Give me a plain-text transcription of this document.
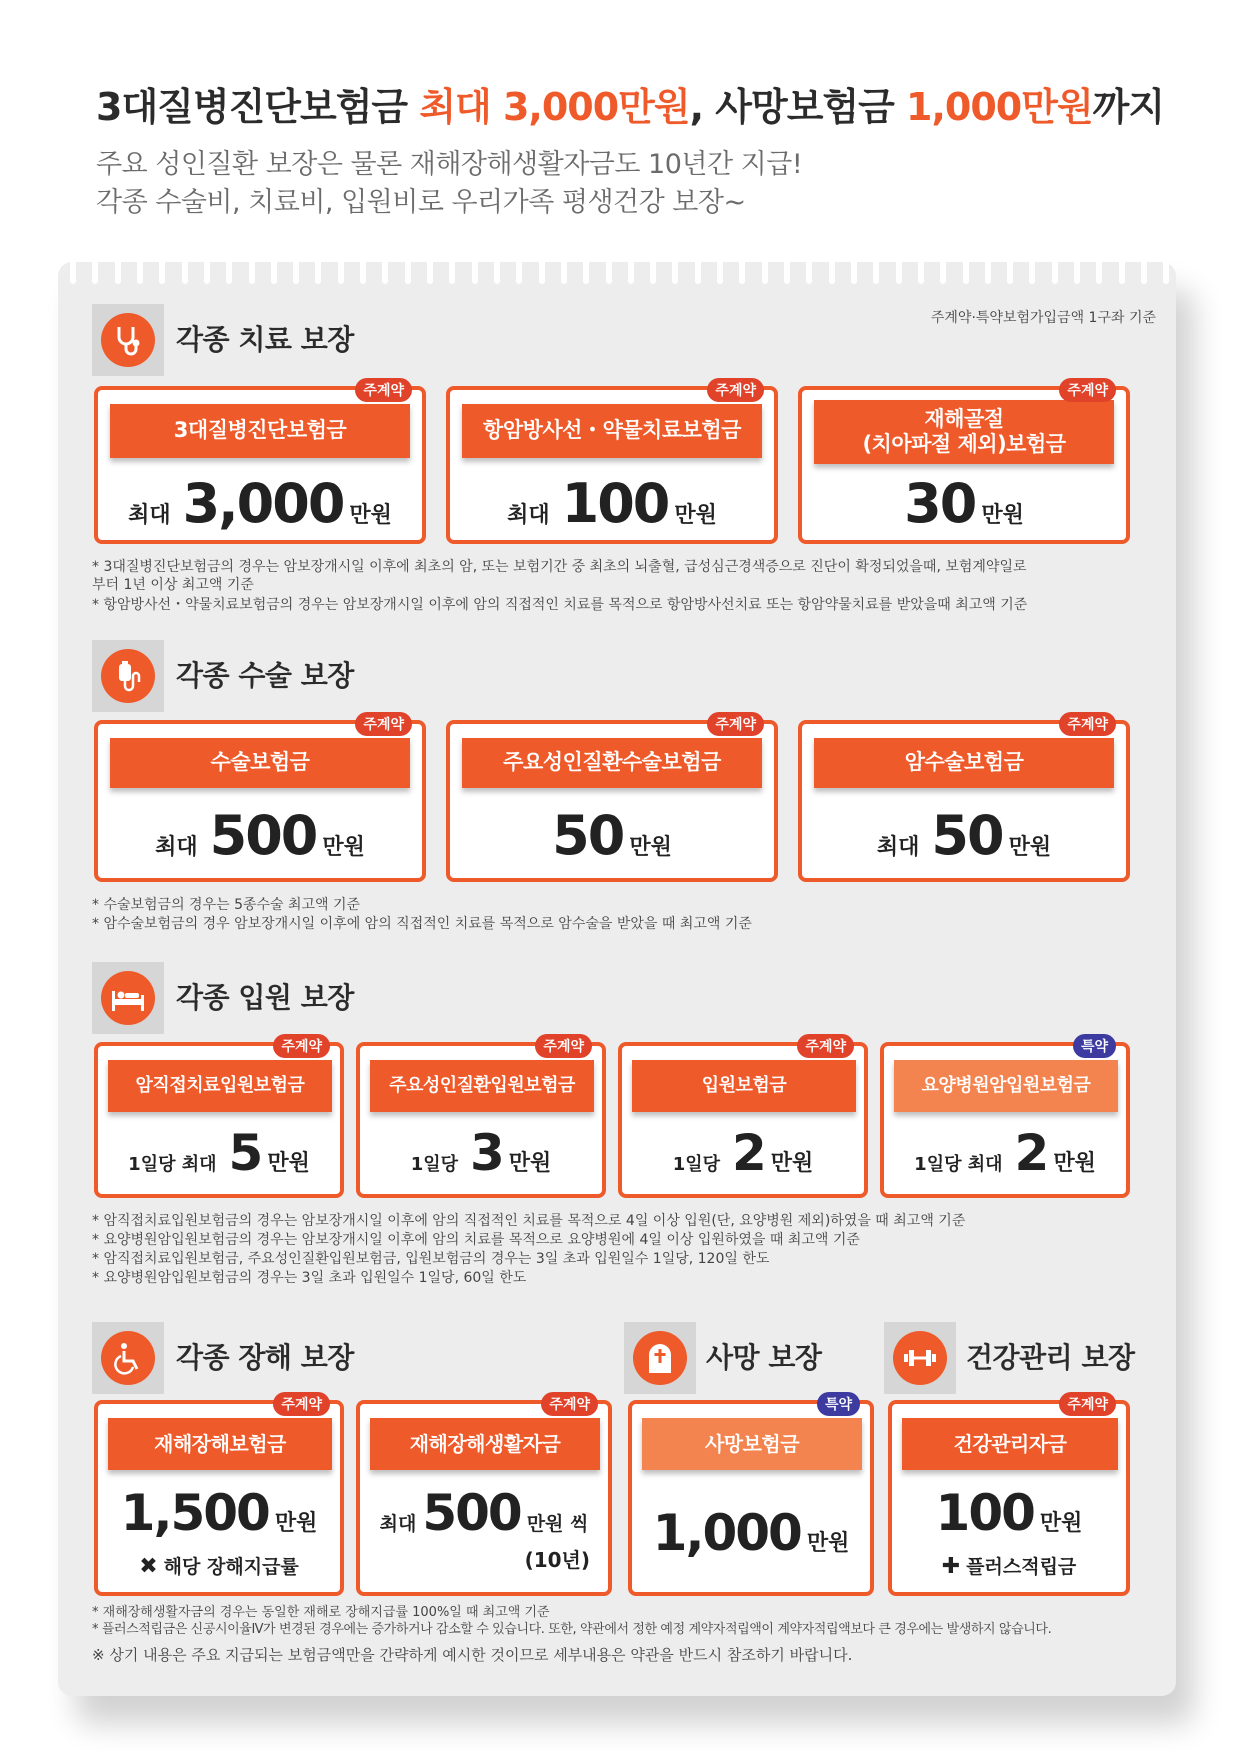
3대질병진단보험금 최대 3,000만원, 사망보험금 1,000만원까지
주요 성인질환 보장은 물론 재해장해생활자금도 10년간 지급!
각종 수술비, 치료비, 입원비로 우리가족 평생건강 보장~
주계약·특약보험가입금액 1구좌 기준
각종 치료 보장
3대질병진단보험금
주계약
최대 3,000 만원
항암방사선・약물치료보험금
주계약
최대 100 만원
재해골절
(치아파절 제외)보험금
주계약
30 만원
* 3대질병진단보험금의 경우는 암보장개시일 이후에 최초의 암, 또는 보험기간 중 최초의 뇌출혈, 급성심근경색증으로 진단이 확정되었을때, 보험계약일로
부터 1년 이상 최고액 기준
* 항암방사선・약물치료보험금의 경우는 암보장개시일 이후에 암의 직접적인 치료를 목적으로 항암방사선치료 또는 항암약물치료를 받았을때 최고액 기준
각종 수술 보장
수술보험금
주계약
최대 500 만원
주요성인질환수술보험금
주계약
50 만원
암수술보험금
주계약
최대 50 만원
* 수술보험금의 경우는 5종수술 최고액 기준
* 암수술보험금의 경우 암보장개시일 이후에 암의 직접적인 치료를 목적으로 암수술을 받았을 때 최고액 기준
각종 입원 보장
암직접치료입원보험금
주계약
1일당 최대 5 만원
주요성인질환입원보험금
주계약
1일당 3 만원
입원보험금
주계약
1일당 2 만원
요양병원암입원보험금
특약
1일당 최대 2 만원
* 암직접치료입원보험금의 경우는 암보장개시일 이후에 암의 직접적인 치료를 목적으로 4일 이상 입원(단, 요양병원 제외)하였을 때 최고액 기준
* 요양병원암입원보험금의 경우는 암보장개시일 이후에 암의 치료를 목적으로 요양병원에 4일 이상 입원하였을 때 최고액 기준
* 암직접치료입원보험금, 주요성인질환입원보험금, 입원보험금의 경우는 3일 초과 입원일수 1일당, 120일 한도
* 요양병원암입원보험금의 경우는 3일 초과 입원일수 1일당, 60일 한도
각종 장해 보장	사망 보장	건강관리 보장
재해장해보험금
주계약
1,500 만원
✖ 해당 장해지급률
재해장해생활자금
주계약
최대 500 만원 씩
(10년)
사망보험금
특약
1,000 만원
건강관리자금
주계약
100 만원
✚ 플러스적립금
* 재해장해생활자금의 경우는 동일한 재해로 장해지급률 100%일 때 최고액 기준
* 플러스적립금은 신공시이율Ⅳ가 변경된 경우에는 증가하거나 감소할 수 있습니다. 또한, 약관에서 정한 예정 계약자적립액이 계약자적립액보다 큰 경우에는 발생하지 않습니다.
※ 상기 내용은 주요 지급되는 보험금액만을 간략하게 예시한 것이므로 세부내용은 약관을 반드시 참조하기 바랍니다.
